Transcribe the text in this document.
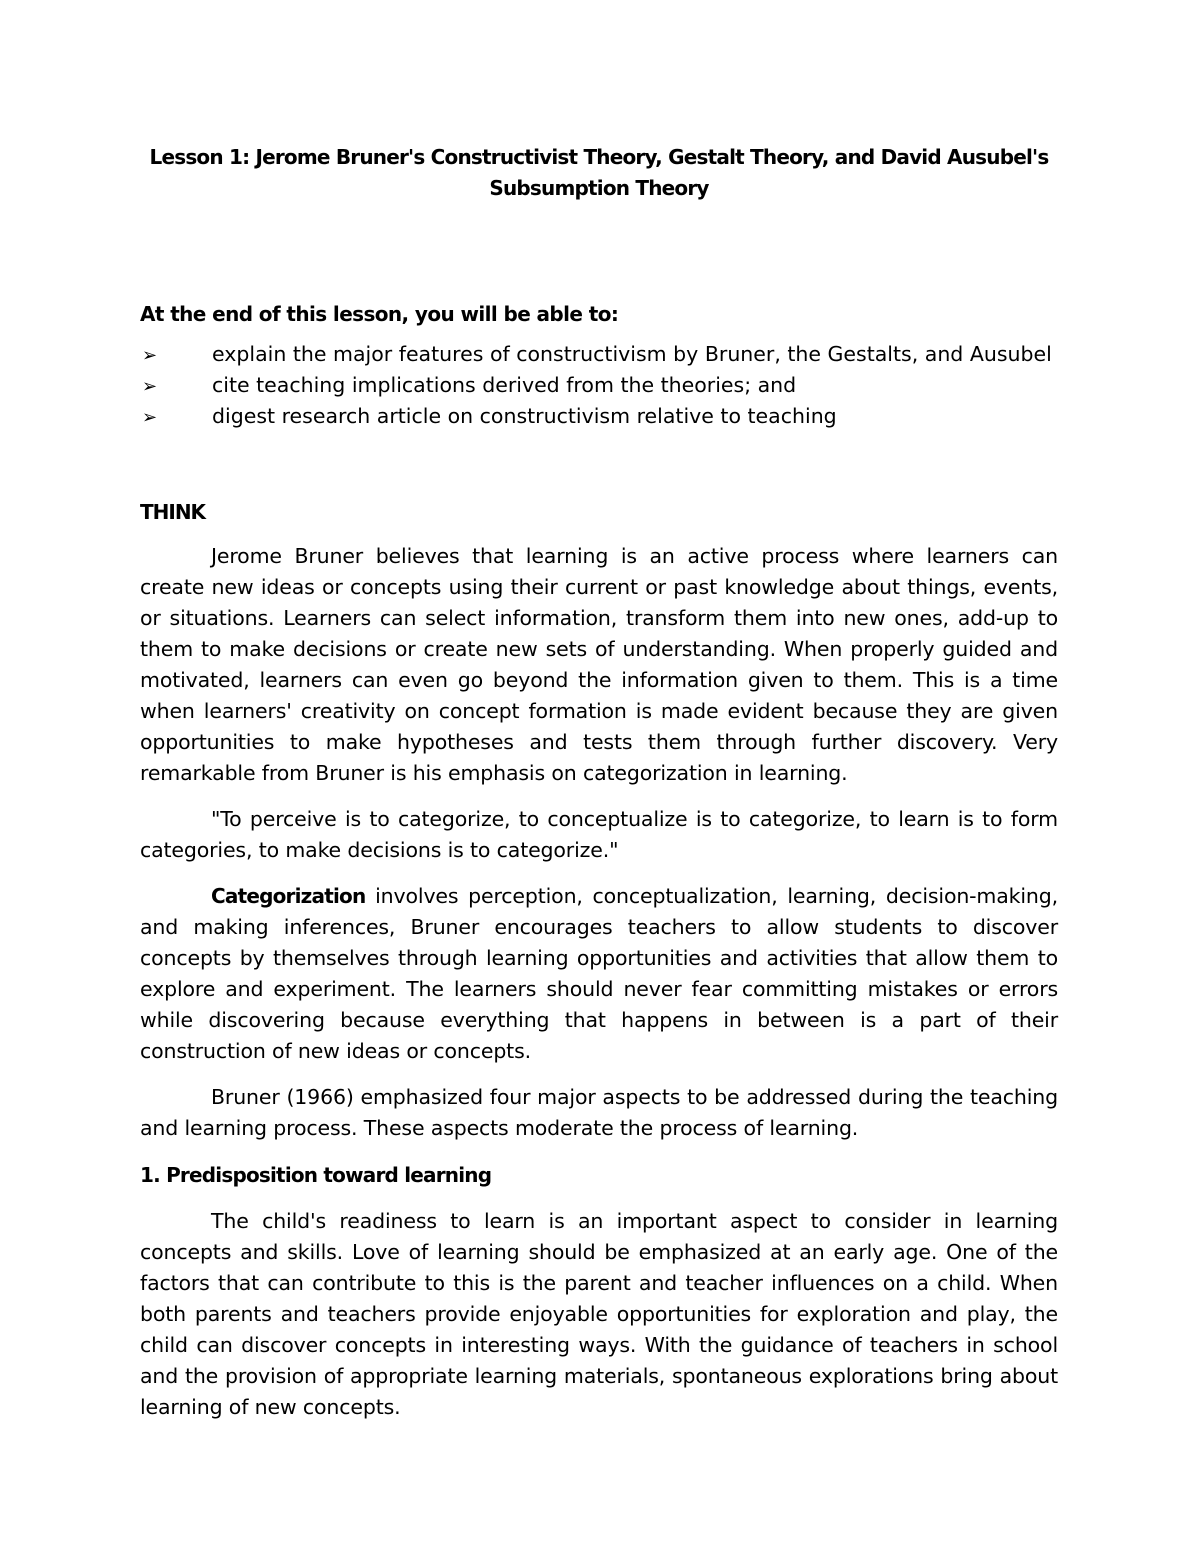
Lesson 1: Jerome Bruner's Constructivist Theory, Gestalt Theory, and David Ausubel's
Subsumption Theory
At the end of this lesson, you will be able to:
➢	explain the major features of constructivism by Bruner, the Gestalts, and Ausubel
➢	cite teaching implications derived from the theories; and
➢	digest research article on constructivism relative to teaching
THINK

Jerome Bruner believes that learning is an active process where learners can create new ideas or concepts using their current or past knowledge about things, events, or situations. Learners can select information, transform them into new ones, add-up to them to make decisions or create new sets of understanding. When properly guided and motivated, learners can even go beyond the information given to them. This is a time when learners' creativity on concept formation is made evident because they are given opportunities to make hypotheses and tests them through further discovery. Very remarkable from Bruner is his emphasis on categorization in learning.

"To perceive is to categorize, to conceptualize is to categorize, to learn is to form categories, to make decisions is to categorize."

Categorization involves perception, conceptualization, learning, decision-making, and making inferences, Bruner encourages teachers to allow students to discover concepts by themselves through learning opportunities and activities that allow them to explore and experiment. The learners should never fear committing mistakes or errors while discovering because everything that happens in between is a part of their construction of new ideas or concepts.

Bruner (1966) emphasized four major aspects to be addressed during the teaching and learning process. These aspects moderate the process of learning.

1. Predisposition toward learning

The child's readiness to learn is an important aspect to consider in learning concepts and skills. Love of learning should be emphasized at an early age. One of the factors that can contribute to this is the parent and teacher influences on a child. When both parents and teachers provide enjoyable opportunities for exploration and play, the child can discover concepts in interesting ways. With the guidance of teachers in school and the provision of appropriate learning materials, spontaneous explorations bring about learning of new concepts.
